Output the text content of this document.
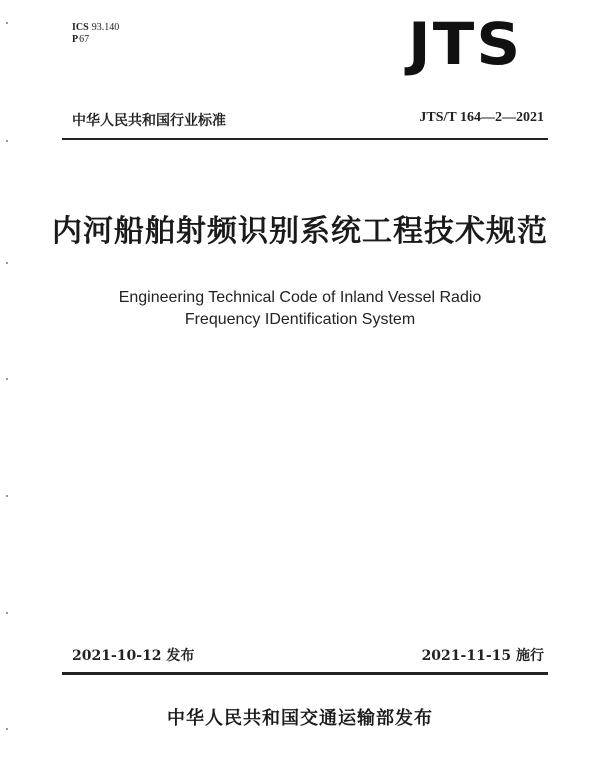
ICS 93.140
P67	JTS
中华人民共和国行业标准	JTS/T 164—2—2021
内河船舶射频识别系统工程技术规范
Engineering Technical Code of Inland Vessel Radio
Frequency IDentification System
2021-10-12 发布	2021-11-15 施行
中华人民共和国交通运输部发布
